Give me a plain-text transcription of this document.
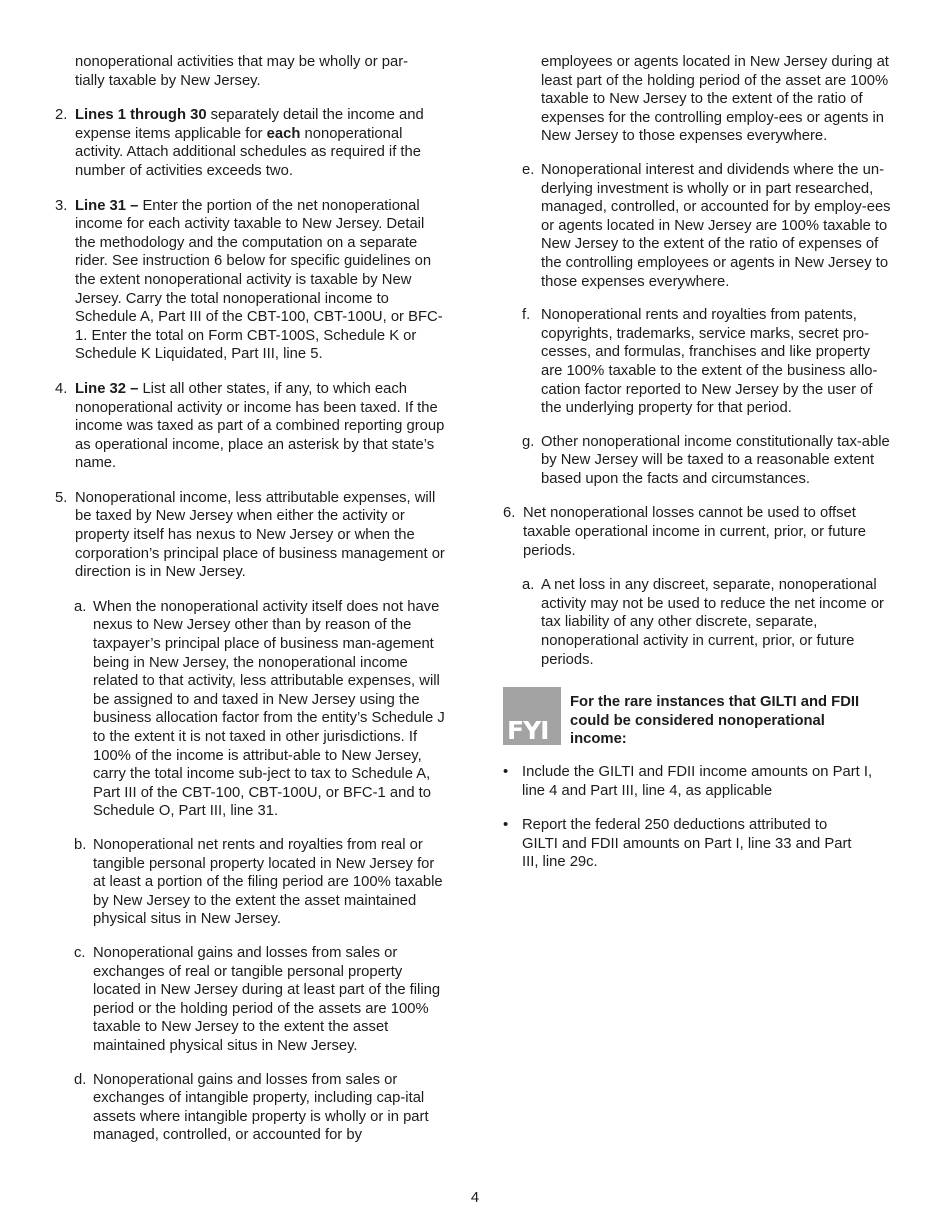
nonoperational activities that may be wholly or par-

tially taxable by New Jersey.

2. Lines 1 through 30 separately detail the income and expense items applicable for each nonoperational activity. Attach additional schedules as required if the number of activities exceeds two.

3. Line 31 – Enter the portion of the net nonoperational income for each activity taxable to New Jersey. Detail the methodology and the computation on a separate rider. See instruction 6 below for specific guidelines on the extent nonoperational activity is taxable by New Jersey. Carry the total nonoperational income to Schedule A, Part III of the CBT-100, CBT-100U, or BFC-1. Enter the total on Form CBT-100S, Schedule K or Schedule K Liquidated, Part III, line 5.

4. Line 32 – List all other states, if any, to which each nonoperational activity or income has been taxed. If the income was taxed as part of a combined reporting group as operational income, place an asterisk by that state’s name.

5. Nonoperational income, less attributable expenses, will be taxed by New Jersey when either the activity or property itself has nexus to New Jersey or when the corporation’s principal place of business management or direction is in New Jersey.

a. When the nonoperational activity itself does not have nexus to New Jersey other than by reason of the taxpayer’s principal place of business man-agement being in New Jersey, the nonoperational income related to that activity, less attributable expenses, will be assigned to and taxed in New Jersey using the business allocation factor from the entity’s Schedule J to the extent it is not taxed in other jurisdictions. If 100% of the income is attribut-able to New Jersey, carry the total income sub-ject to tax to Schedule A, Part III of the CBT-100, CBT-100U, or BFC-1 and to Schedule O, Part III, line 31.

b. Nonoperational net rents and royalties from real or tangible personal property located in New Jersey for at least a portion of the filing period are 100% taxable by New Jersey to the extent the asset maintained physical situs in New Jersey.

c. Nonoperational gains and losses from sales or exchanges of real or tangible personal property located in New Jersey during at least part of the filing period or the holding period of the assets are 100% taxable to New Jersey to the extent the asset maintained physical situs in New Jersey.

d. Nonoperational gains and losses from sales or exchanges of intangible property, including cap-ital assets where intangible property is wholly or in part managed, controlled, or accounted for by

employees or agents located in New Jersey during at least part of the holding period of the asset are 100% taxable to New Jersey to the extent of the ratio of expenses for the controlling employ-ees or agents in New Jersey to those expenses everywhere.

e. Nonoperational interest and dividends where the un-derlying investment is wholly or in part researched, managed, controlled, or accounted for by employ-ees or agents located in New Jersey are 100% taxable to New Jersey to the extent of the ratio of expenses of the controlling employees or agents in New Jersey to those expenses everywhere.

f. Nonoperational rents and royalties from patents, copyrights, trademarks, service marks, secret pro-cesses, and formulas, franchises and like property are 100% taxable to the extent of the business allo-cation factor reported to New Jersey by the user of the underlying property for that period.

g. Other nonoperational income constitutionally tax-able by New Jersey will be taxed to a reasonable extent based upon the facts and circumstances.

6. Net nonoperational losses cannot be used to offset taxable operational income in current, prior, or future periods.

a. A net loss in any discreet, separate, nonoperational activity may not be used to reduce the net income or tax liability of any other discrete, separate, nonoperational activity in current, prior, or future periods.

FYI

For the rare instances that GILTI and FDII could be considered nonoperational income:

• Include the GILTI and FDII income amounts on Part I, line 4 and Part III, line 4, as applicable

• Report the federal 250 deductions attributed to GILTI and FDII amounts on Part I, line 33 and Part III, line 29c.

4
